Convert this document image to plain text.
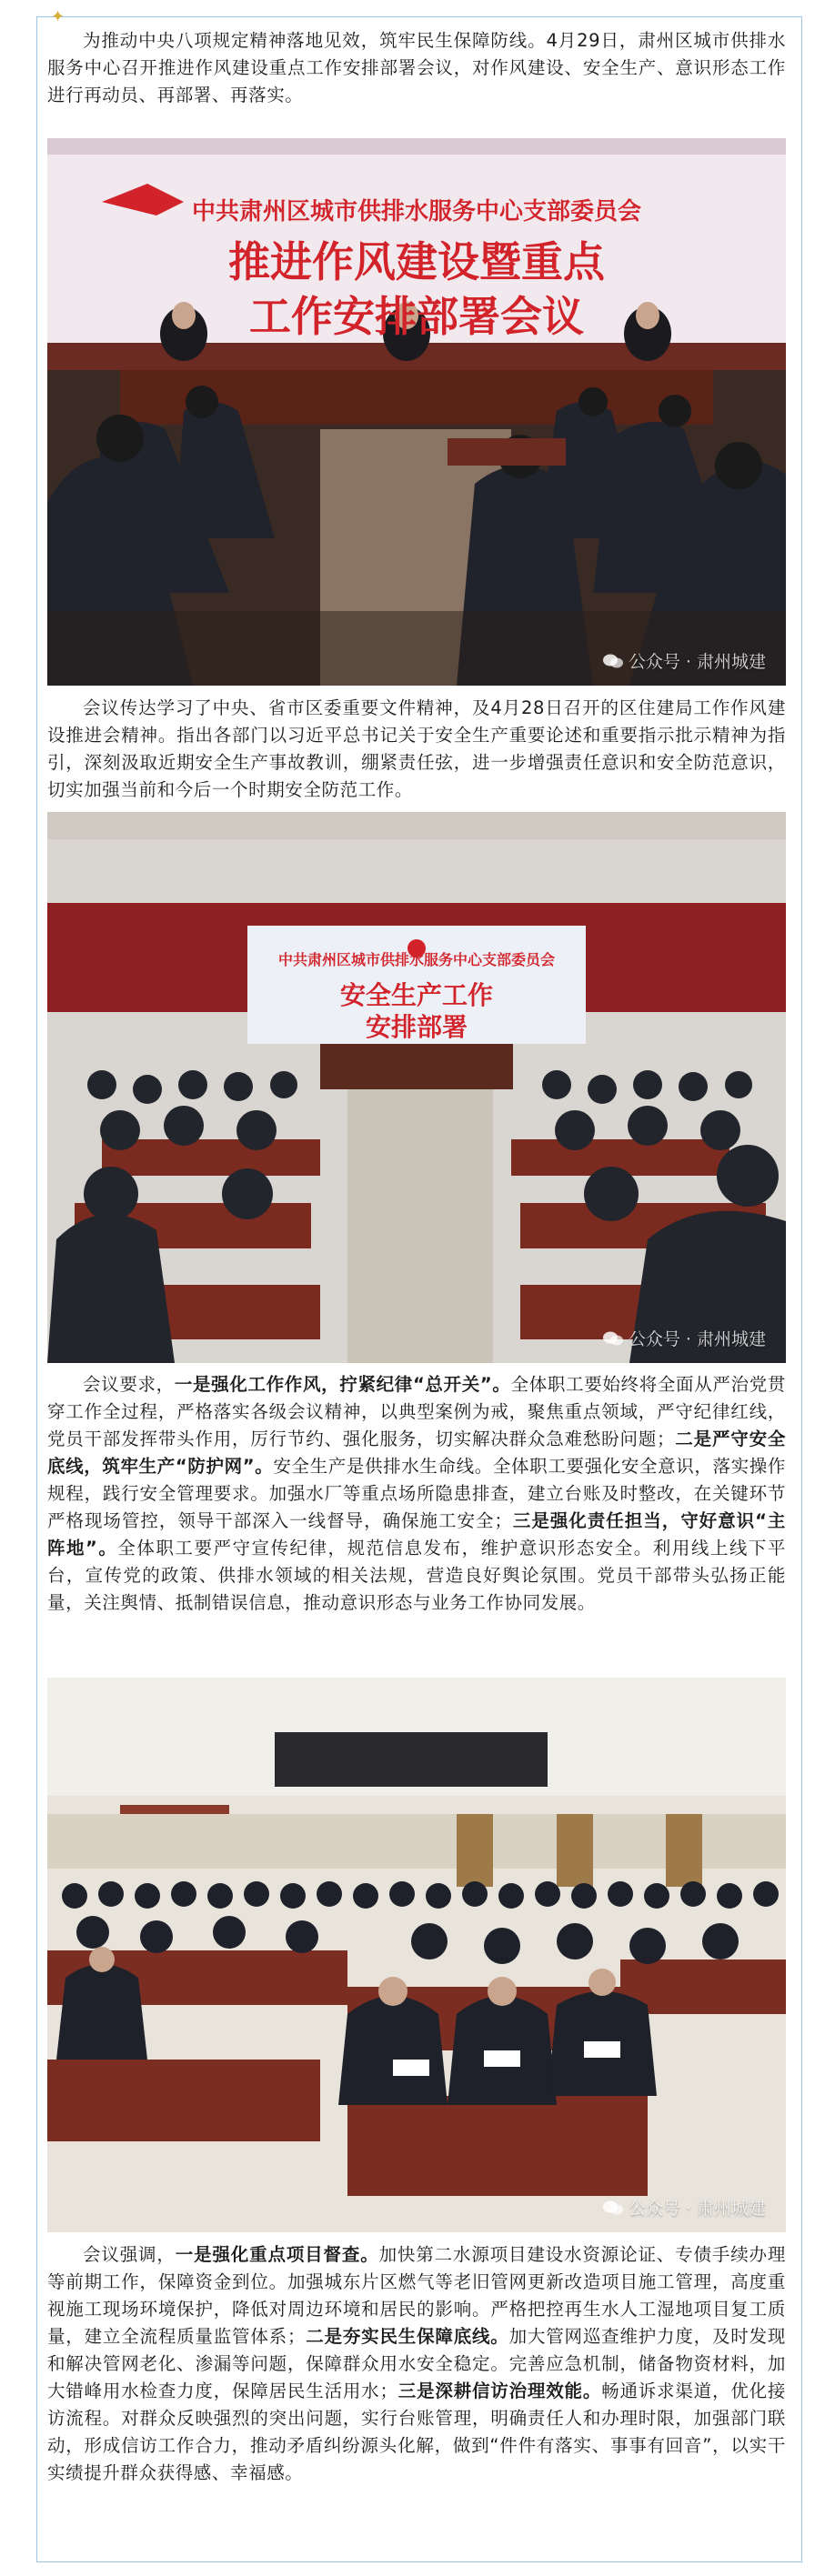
✦

为推动中央八项规定精神落地见效，筑牢民生保障防线。4月29日，肃州区城市供排水服务中心召开推进作风建设重点工作安排部署会议，对作风建设、安全生产、意识形态工作进行再动员、再部署、再落实。

中共肃州区城市供排水服务中心支部委员会
推进作风建设暨重点
工作安排部署会议
公众号 · 肃州城建

会议传达学习了中央、省市区委重要文件精神，及4月28日召开的区住建局工作作风建设推进会精神。指出各部门以习近平总书记关于安全生产重要论述和重要指示批示精神为指引，深刻汲取近期安全生产事故教训，绷紧责任弦，进一步增强责任意识和安全防范意识，切实加强当前和今后一个时期安全防范工作。

中共肃州区城市供排水服务中心支部委员会
安全生产工作
安排部署
公众号 · 肃州城建

会议要求，一是强化工作作风，拧紧纪律“总开关”。全体职工要始终将全面从严治党贯穿工作全过程，严格落实各级会议精神，以典型案例为戒，聚焦重点领域，严守纪律红线，党员干部发挥带头作用，厉行节约、强化服务，切实解决群众急难愁盼问题；二是严守安全底线，筑牢生产“防护网”。安全生产是供排水生命线。全体职工要强化安全意识，落实操作规程，践行安全管理要求。加强水厂等重点场所隐患排查，建立台账及时整改，在关键环节严格现场管控，领导干部深入一线督导，确保施工安全；三是强化责任担当，守好意识“主阵地”。全体职工要严守宣传纪律，规范信息发布，维护意识形态安全。利用线上线下平台，宣传党的政策、供排水领域的相关法规，营造良好舆论氛围。党员干部带头弘扬正能量，关注舆情、抵制错误信息，推动意识形态与业务工作协同发展。

公众号 · 肃州城建

会议强调，一是强化重点项目督查。加快第二水源项目建设水资源论证、专债手续办理等前期工作，保障资金到位。加强城东片区燃气等老旧管网更新改造项目施工管理，高度重视施工现场环境保护，降低对周边环境和居民的影响。严格把控再生水人工湿地项目复工质量，建立全流程质量监管体系；二是夯实民生保障底线。加大管网巡查维护力度，及时发现和解决管网老化、渗漏等问题，保障群众用水安全稳定。完善应急机制，储备物资材料，加大错峰用水检查力度，保障居民生活用水；三是深耕信访治理效能。畅通诉求渠道，优化接访流程。对群众反映强烈的突出问题，实行台账管理，明确责任人和办理时限，加强部门联动，形成信访工作合力，推动矛盾纠纷源头化解，做到“件件有落实、事事有回音”，以实干实绩提升群众获得感、幸福感。
